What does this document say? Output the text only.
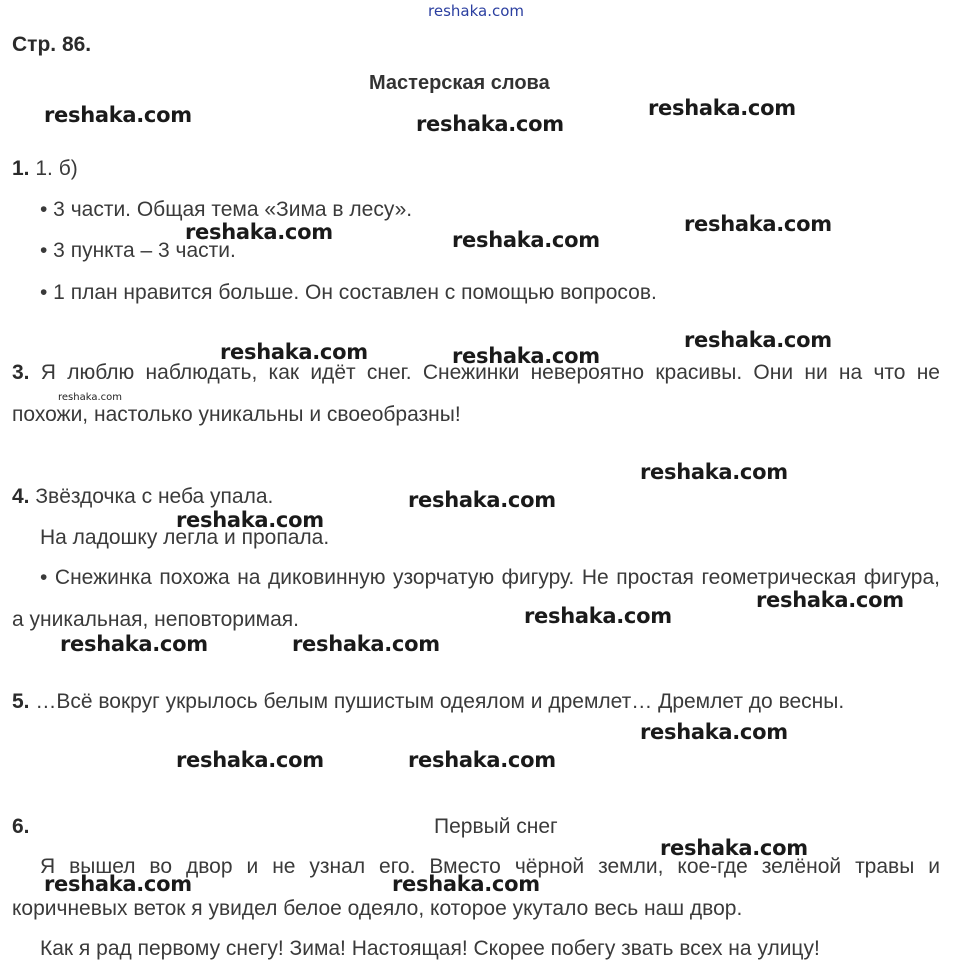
reshaka.com
Стр. 86.
Мастерская слова
1. 1. б)
• 3 части. Общая тема «Зима в лесу».
• 3 пункта – 3 части.
• 1 план нравится больше. Он составлен с помощью вопросов.
3. Я люблю наблюдать, как идёт снег. Снежинки невероятно красивы. Они ни на что не похожи, настолько уникальны и своеобразны!
4. Звёздочка с неба упала.
На ладошку легла и пропала.
• Снежинка похожа на диковинную узорчатую фигуру. Не простая геометрическая фигура, а уникальная, неповторимая.
5. …Всё вокруг укрылось белым пушистым одеялом и дремлет… Дремлет до весны.
6.	Первый снег
Я вышел во двор и не узнал его. Вместо чёрной земли, кое-где зелёной травы и коричневых веток я увидел белое одеяло, которое укутало весь наш двор.
Как я рад первому снегу! Зима! Настоящая! Скорее побегу звать всех на улицу!
reshaka.com	reshaka.com
reshaka.com
reshaka.com	reshaka.com
reshaka.com
reshaka.com	reshaka.com
reshaka.com
reshaka.com
reshaka.com
reshaka.com
reshaka.com
reshaka.com
reshaka.com
reshaka.com	reshaka.com
reshaka.com
reshaka.com	reshaka.com
reshaka.com
reshaka.com	reshaka.com
